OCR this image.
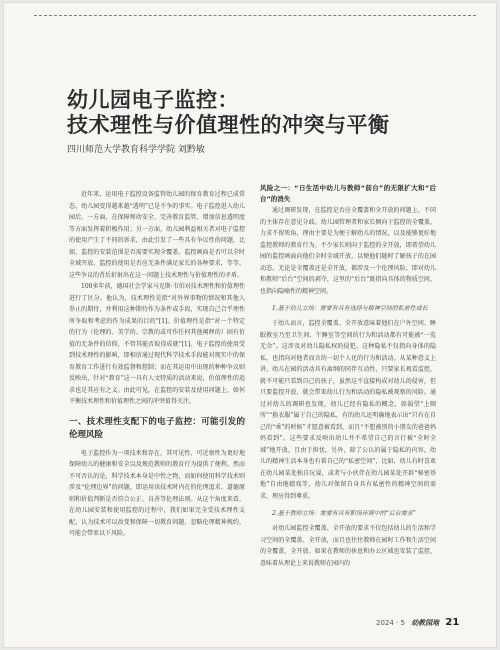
幼儿园电子监控：
技术理性与价值理性的冲突与平衡
四川师范大学教育科学学院 刘黔敏

近年来，运用电子监控设备监管幼儿园的保育教育过程已成常态，幼儿园变得越来越“透明”已是不争的事实。电子监控进入幼儿园后，一方面，在保障师幼安全、完善教育监管、增加信息透明度等方面发挥着积极作用；另一方面，幼儿园利益相关者对电子监控的使用产生了不同的诉求，由此引发了一些具有争议性的问题，比如，监控的安装范围是否需要实现全覆盖、监控画面是否可以全时全域开放、监控的使用是否应无条件满足家长的各种要求，等等。这些争议的背后折射出在这一问题上技术理性与价值理性的矛盾。

100多年前，德国社会学家马克斯·韦伯对技术理性和价值理性进行了区分。他认为，技术理性是指“对外界事物的情况和其他人举止的期待，并利用这种期待作为条件或手段，实现自己合乎理性所争取和考虑的作为成果的目的”[1]。价值理性是指“对一个特定的行为（伦理的、美学的、宗教的或可作任何其他阐释的）固有价值的无条件的信仰，不管其能否取得成就”[1]。电子监控的使用受到技术理性的影响，即相信通过现代科学技术手段能对现实中的保育教育工作进行有效监督和控制；而在其运用中出现的种种争议则反映出，针对“教育”这一具有人文特质的活动来说，价值理性的追求也是其应有之义。由此可见，在监控的安装及使用问题上，如何平衡技术理性和价值理性之间的冲突值得关注。

一、技术理性支配下的电子监控：可能引发的伦理风险

电子监控作为一项技术和存在，其可见性、可近察性为更好地保障幼儿的健康和安全以及规范教师的教育行为提供了便利。然而不可否认的是，科学技术本身是中性之物，而如何使用科学技术则涉及“伦理边界”的问题，即运用该技术时内在的伦理追求、道德原则和价值判断是否符合公正、良善等伦理法则。从这个角度来看，在幼儿园安装和使用监控的过程中，我们如果完全受技术理性支配，认为技术可以改变和保障一切教育问题，忽略伦理精神规约，可能会带来以下风险。

风险之一：“日生活中幼儿与教师“前台”的无限扩大和“后台”的消失

通过调研发现，在监控是否应全覆盖和全开放的问题上，不同的主体存在意见分歧。幼儿园管理者和家长倾向于监控的全覆盖，力求不留死角，理由主要是为便于解幼儿的情况，以及能够更好地监控教师的教育行为。不少家长则向于监控的全开放，即希望幼儿园的监控画面向他们全时全域开放，以便他们随时了解孩子的在园动态。无论是全覆盖还是全开放，都涉及一个伦理风险，即对幼儿和教师“后台”空间的剥夺，这里的“后台”既指向具体的物质空间，也指向隐喻性的精神空间。

1.基于幼儿立场：需要有具有选择与精神空间的私密性成长

于幼儿而言，监控全覆盖、全开放意味着他们在户外空间、睡眠教室乃至卫生间、午睡室等空间的行为和活动都有可能被“一览无余”。这涉及对幼儿隐私权的侵犯。这种隐私不仅指向身体的隐私，也指向对他者而言的一切个人化的行为和活动。从某种意义上讲，幼儿在园的活动具有离纲的同伴互动性，只要家长观看监控，就不可能只看到自己的孩子，虽然这不直接构成对幼儿的侵害，但只要监控开放，就会带来幼儿行为和活动的隐私被观察的风险。通过对幼儿的调研也发现，幼儿已经有隐私的概念，如渴望“上厕所”“换衣服”属于自己的隐私，有的幼儿还明确地表示出“只有在自己的“乖”的时候”才愿意被看到，而且“不想被别的小朋友的爸爸妈妈看到”。这些要求反映出幼儿并不希望自己的言行被“全时全域”地开放，且由于担忧，另外，除了公认的属于隐私的内容，幼儿的精神生活本身也有着自己的“私密空间”，比如，幼儿有时喜欢在幼儿园某处独自玩耍，或者与小伙伴在幼儿园某处开辟“秘密基地”自由地嬉戏等，幼儿对保留自身具有私密性的精神空间的需求，理应得到尊重。

2.基于教师立场：需要有具有职场环境中的“后台需求”

对幼儿园监控全覆盖、全开放的要求不仅包括幼儿的生活和学习空间的全覆盖、全开放，而且也往往教师在园时工作和生活空间的全覆盖、全开放。如果在教师的休息和办公区域也安装了监控，意味着从理论上来说教师在园内的

2024 · 5 幼教园地 21
